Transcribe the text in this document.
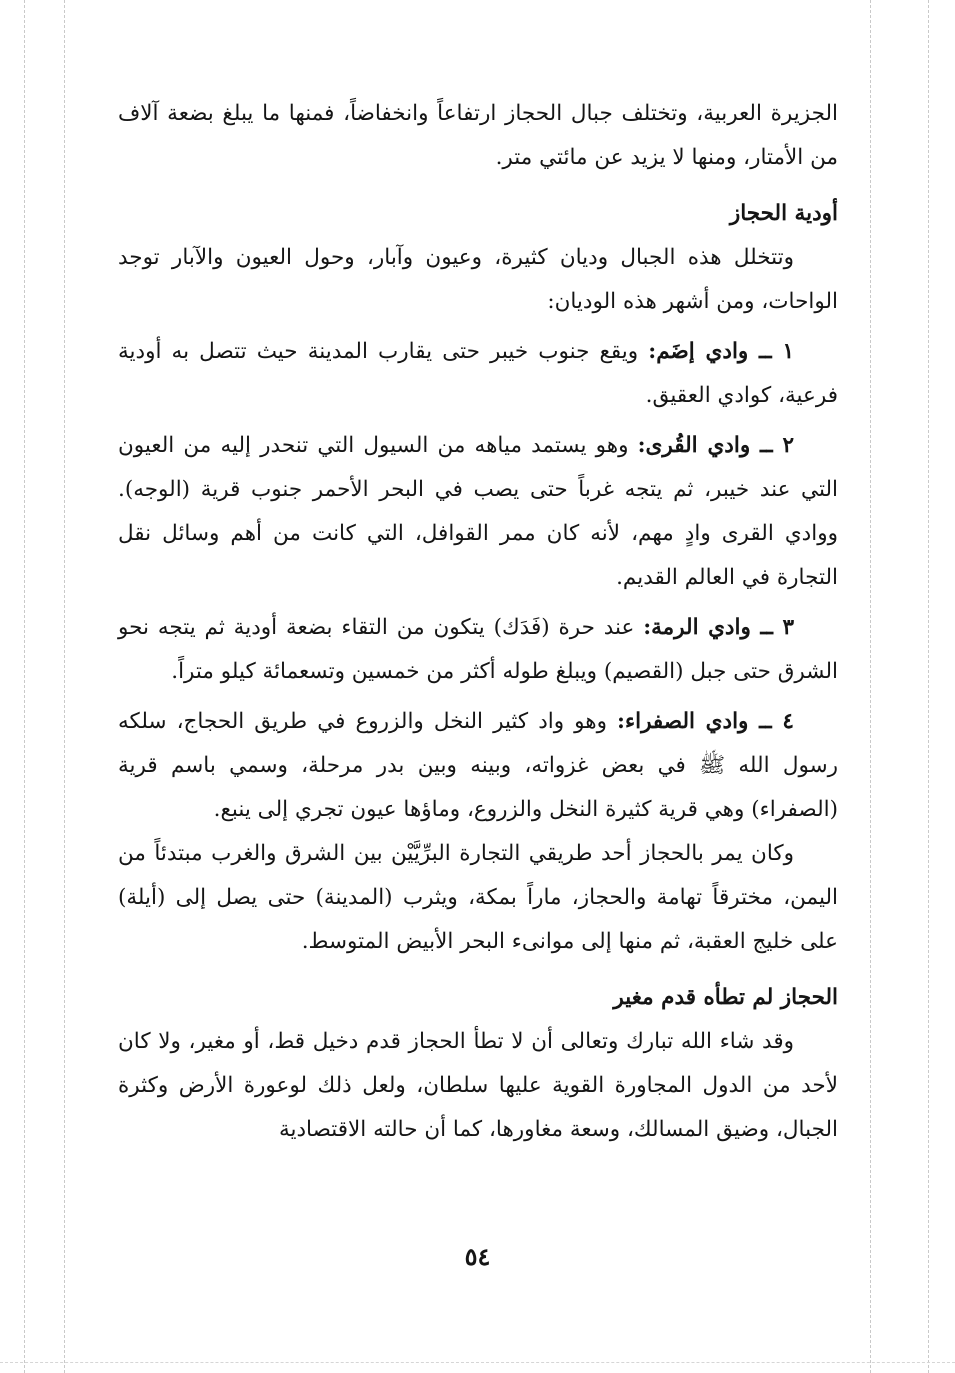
الجزيرة العربية، وتختلف جبال الحجاز ارتفاعاً وانخفاضاً، فمنها ما يبلغ بضعة آلاف من الأمتار، ومنها لا يزيد عن مائتي متر.

أودية الحجاز

وتتخلل هذه الجبال وديان كثيرة، وعيون وآبار، وحول العيون والآبار توجد الواحات، ومن أشهر هذه الوديان:

١ ــ وادي إضَم: ويقع جنوب خيبر حتى يقارب المدينة حيث تتصل به أودية فرعية، كوادي العقيق.

٢ ــ وادي القُرى: وهو يستمد مياهه من السيول التي تنحدر إليه من العيون التي عند خيبر، ثم يتجه غرباً حتى يصب في البحر الأحمر جنوب قرية (الوجه). ووادي القرى وادٍ مهم، لأنه كان ممر القوافل، التي كانت من أهم وسائل نقل التجارة في العالم القديم.

٣ ــ وادي الرمة: عند حرة (فَدَك) يتكون من التقاء بضعة أودية ثم يتجه نحو الشرق حتى جبل (القصيم) ويبلغ طوله أكثر من خمسين وتسعمائة كيلو متراً.

٤ ــ وادي الصفراء: وهو واد كثير النخل والزروع في طريق الحجاج، سلكه رسول الله ﷺ في بعض غزواته، وبينه وبين بدر مرحلة، وسمي باسم قرية (الصفراء) وهي قرية كثيرة النخل والزروع، وماؤها عيون تجري إلى ينبع.

وكان يمر بالحجاز أحد طريقي التجارة البرِّيَّيْن بين الشرق والغرب مبتدئاً من اليمن، مخترقاً تهامة والحجاز، ماراً بمكة، ويثرب (المدينة) حتى يصل إلى (أيلة) على خليج العقبة، ثم منها إلى موانىء البحر الأبيض المتوسط.

الحجاز لم تطأه قدم مغير

وقد شاء الله تبارك وتعالى أن لا تطأ الحجاز قدم دخيل قط، أو مغير، ولا كان لأحد من الدول المجاورة القوية عليها سلطان، ولعل ذلك لوعورة الأرض وكثرة الجبال، وضيق المسالك، وسعة مغاورها، كما أن حالته الاقتصادية

٥٤
